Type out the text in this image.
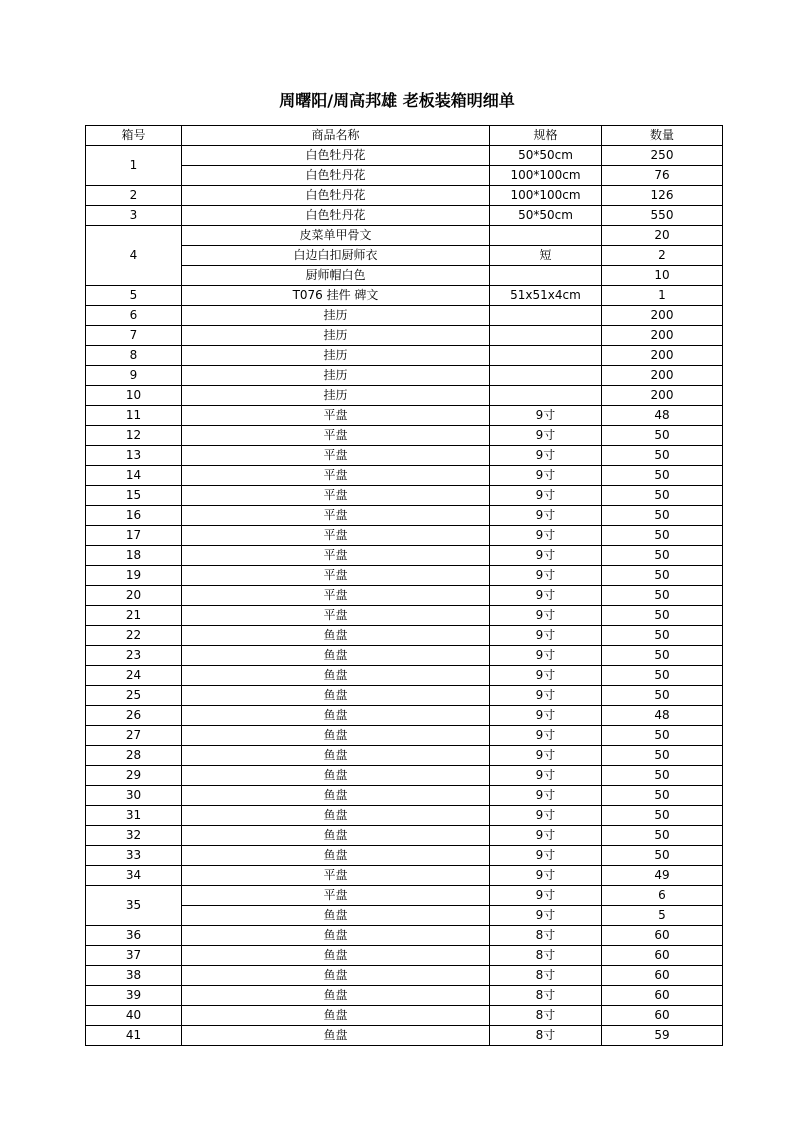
周曙阳/周高邦雄 老板装箱明细单
箱号	商品名称	规格	数量
1	白色牡丹花	50*50cm	250
	白色牡丹花	100*100cm	76
2	白色牡丹花	100*100cm	126
3	白色牡丹花	50*50cm	550
4	皮菜单甲骨文		20
	白边白扣厨师衣	短	2
	厨师帽白色		10
5	T076 挂件 碑文	51x51x4cm	1
6	挂历		200
7	挂历		200
8	挂历		200
9	挂历		200
10	挂历		200
11	平盘	9寸	48
12	平盘	9寸	50
13	平盘	9寸	50
14	平盘	9寸	50
15	平盘	9寸	50
16	平盘	9寸	50
17	平盘	9寸	50
18	平盘	9寸	50
19	平盘	9寸	50
20	平盘	9寸	50
21	平盘	9寸	50
22	鱼盘	9寸	50
23	鱼盘	9寸	50
24	鱼盘	9寸	50
25	鱼盘	9寸	50
26	鱼盘	9寸	48
27	鱼盘	9寸	50
28	鱼盘	9寸	50
29	鱼盘	9寸	50
30	鱼盘	9寸	50
31	鱼盘	9寸	50
32	鱼盘	9寸	50
33	鱼盘	9寸	50
34	平盘	9寸	49
35	平盘	9寸	6
	鱼盘	9寸	5
36	鱼盘	8寸	60
37	鱼盘	8寸	60
38	鱼盘	8寸	60
39	鱼盘	8寸	60
40	鱼盘	8寸	60
41	鱼盘	8寸	59
